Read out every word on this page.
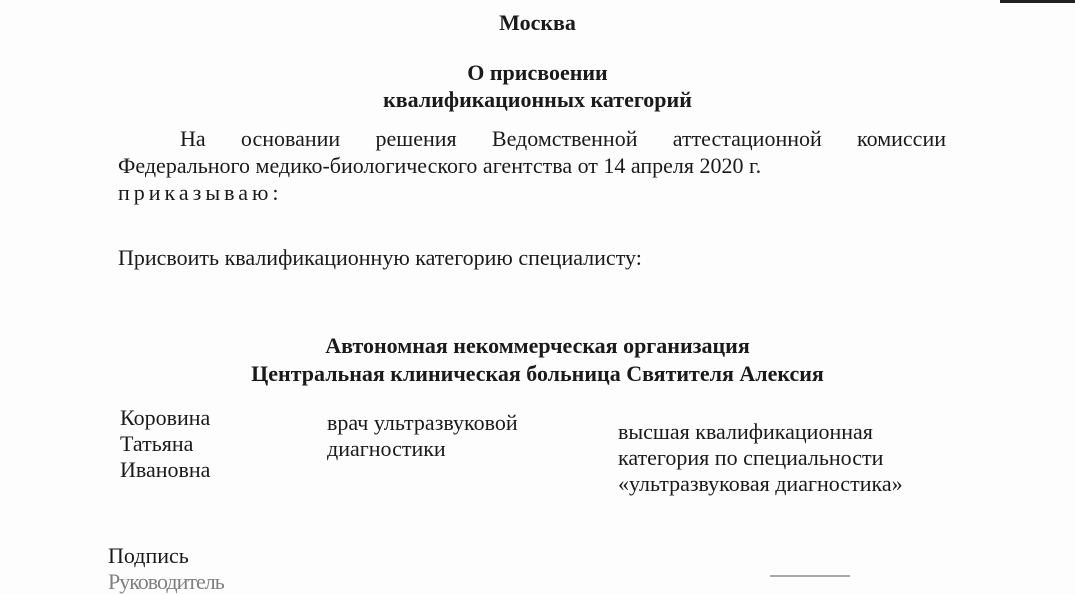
Москва
О присвоении
квалификационных категорий
На основании решения Ведомственной аттестационной комиссии
Федерального медико-биологического агентства от 14 апреля 2020 г.
приказываю:
Присвоить квалификационную категорию специалисту:
Автономная некоммерческая организация
Центральная клиническая больница Святителя Алексия
Коровина
Татьяна
Ивановна
врач ультразвуковой
диагностики
высшая квалификационная
категория по специальности
«ультразвуковая диагностика»
Подпись
Руководитель
